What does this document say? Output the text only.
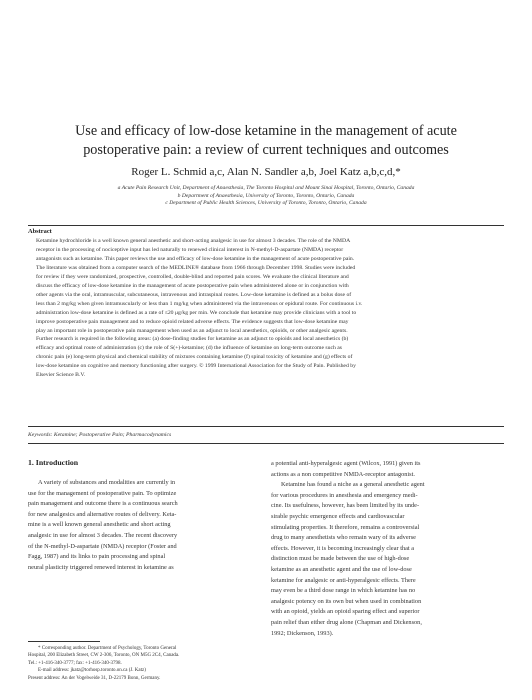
Use and efficacy of low-dose ketamine in the management of acute
postoperative pain: a review of current techniques and outcomes
Roger L. Schmid a,c, Alan N. Sandler a,b, Joel Katz a,b,c,d,*
a Acute Pain Research Unit, Department of Anaesthesia, The Toronto Hospital and Mount Sinai Hospital, Toronto, Ontario, Canada
b Department of Anaesthesia, University of Toronto, Toronto, Ontario, Canada
c Department of Public Health Sciences, University of Toronto, Toronto, Ontario, Canada
Abstract
Ketamine hydrochloride is a well known general anesthetic and short-acting analgesic in use for almost 3 decades. The role of the NMDA
receptor in the processing of nociceptive input has led naturally to renewed clinical interest in N-methyl-D-aspartate (NMDA) receptor
antagonists such as ketamine. This paper reviews the use and efficacy of low-dose ketamine in the management of acute postoperative pain.
The literature was obtained from a computer search of the MEDLINE® database from 1966 through December 1998. Studies were included
for review if they were randomized, prospective, controlled, double-blind and reported pain scores. We evaluate the clinical literature and
discuss the efficacy of low-dose ketamine in the management of acute postoperative pain when administered alone or in conjunction with
other agents via the oral, intramuscular, subcutaneous, intravenous and intraspinal routes. Low-dose ketamine is defined as a bolus dose of
less than 2 mg/kg when given intramuscularly or less than 1 mg/kg when administered via the intravenous or epidural route. For continuous i.v.
administration low-dose ketamine is defined as a rate of ≤20 μg/kg per min. We conclude that ketamine may provide clinicians with a tool to
improve postoperative pain management and to reduce opioid related adverse effects. The evidence suggests that low-dose ketamine may
play an important role in postoperative pain management when used as an adjunct to local anesthetics, opioids, or other analgesic agents.
Further research is required in the following areas: (a) dose-finding studies for ketamine as an adjunct to opioids and local anesthetics (b)
efficacy and optimal route of administration (c) the role of S(+)-ketamine; (d) the influence of ketamine on long-term outcome such as
chronic pain (e) long-term physical and chemical stability of mixtures containing ketamine (f) spinal toxicity of ketamine and (g) effects of
low-dose ketamine on cognitive and memory functioning after surgery. © 1999 International Association for the Study of Pain. Published by
Elsevier Science B.V.
Keywords: Ketamine; Postoperative Pain; Pharmacodynamics
1. Introduction
A variety of substances and modalities are currently in
use for the management of postoperative pain. To optimize
pain management and outcome there is a continuous search
for new analgesics and alternative routes of delivery. Keta-
mine is a well known general anesthetic and short acting
analgesic in use for almost 3 decades. The recent discovery
of the N-methyl-D-aspartate (NMDA) receptor (Foster and
Fagg, 1987) and its links to pain processing and spinal
neural plasticity triggered renewed interest in ketamine as
a potential anti-hyperalgesic agent (Wilcox, 1991) given its
actions as a non competitive NMDA-receptor antagonist.
Ketamine has found a niche as a general anesthetic agent
for various procedures in anesthesia and emergency medi-
cine. Its usefulness, however, has been limited by its unde-
sirable psychic emergence effects and cardiovascular
stimulating properties. It therefore, remains a controversial
drug to many anesthetists who remain wary of its adverse
effects. However, it is becoming increasingly clear that a
distinction must be made between the use of high-dose
ketamine as an anesthetic agent and the use of low-dose
ketamine for analgesic or anti-hyperalgesic effects. There
may even be a third dose range in which ketamine has no
analgesic potency on its own but when used in combination
with an opioid, yields an opioid sparing effect and superior
pain relief than either drug alone (Chapman and Dickenson,
1992; Dickenson, 1993).
* Corresponding author. Department of Psychology, Toronto General
Hospital, 200 Elizabeth Street, CW 2-306, Toronto, ON M5G 2C4, Canada.
Tel.: +1-416-340-3777; fax: +1-416-340-3798.
E-mail address: jkatz@torhosp.toronto.on.ca (J. Katz)
Present address: An der Vogelweide 31, D-22179 Bonn, Germany.
